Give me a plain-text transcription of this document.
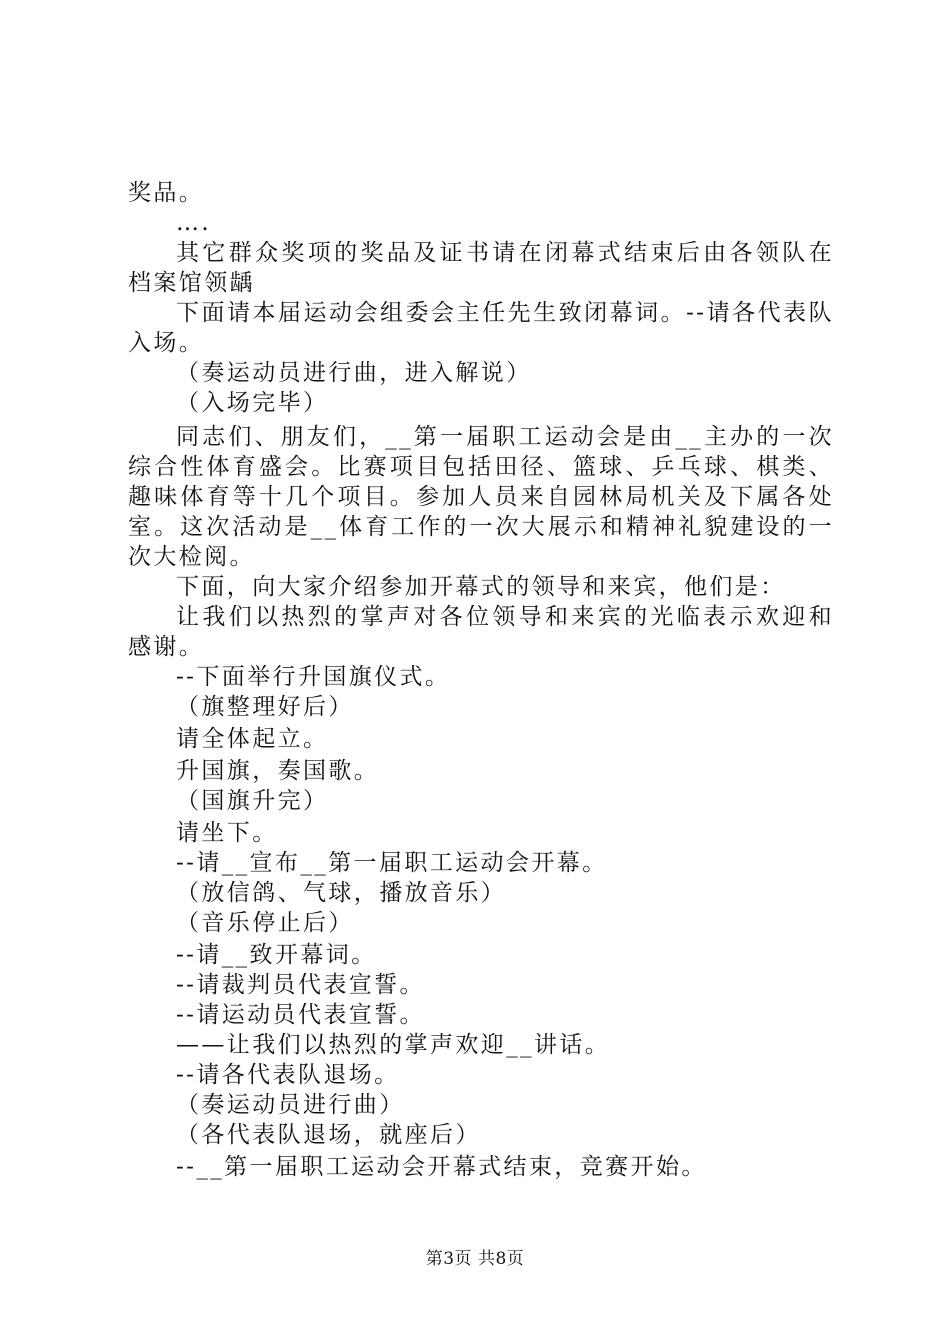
奖品。
….
其它群众奖项的奖品及证书请在闭幕式结束后由各领队在档案馆领龋
下面请本届运动会组委会主任先生致闭幕词。--请各代表队入场。
（奏运动员进行曲，进入解说）
（入场完毕）
同志们、朋友们，__第一届职工运动会是由__主办的一次综合性体育盛会。比赛项目包括田径、篮球、乒乓球、棋类、趣味体育等十几个项目。参加人员来自园林局机关及下属各处室。这次活动是__体育工作的一次大展示和精神礼貌建设的一次大检阅。
下面，向大家介绍参加开幕式的领导和来宾，他们是：
让我们以热烈的掌声对各位领导和来宾的光临表示欢迎和感谢。
--下面举行升国旗仪式。
（旗整理好后）
请全体起立。
升国旗，奏国歌。
（国旗升完）
请坐下。
--请__宣布__第一届职工运动会开幕。
（放信鸽、气球，播放音乐）
（音乐停止后）
--请__致开幕词。
--请裁判员代表宣誓。
--请运动员代表宣誓。
——让我们以热烈的掌声欢迎__讲话。
--请各代表队退场。
（奏运动员进行曲）
（各代表队退场，就座后）
--__第一届职工运动会开幕式结束，竞赛开始。
第3页 共8页
